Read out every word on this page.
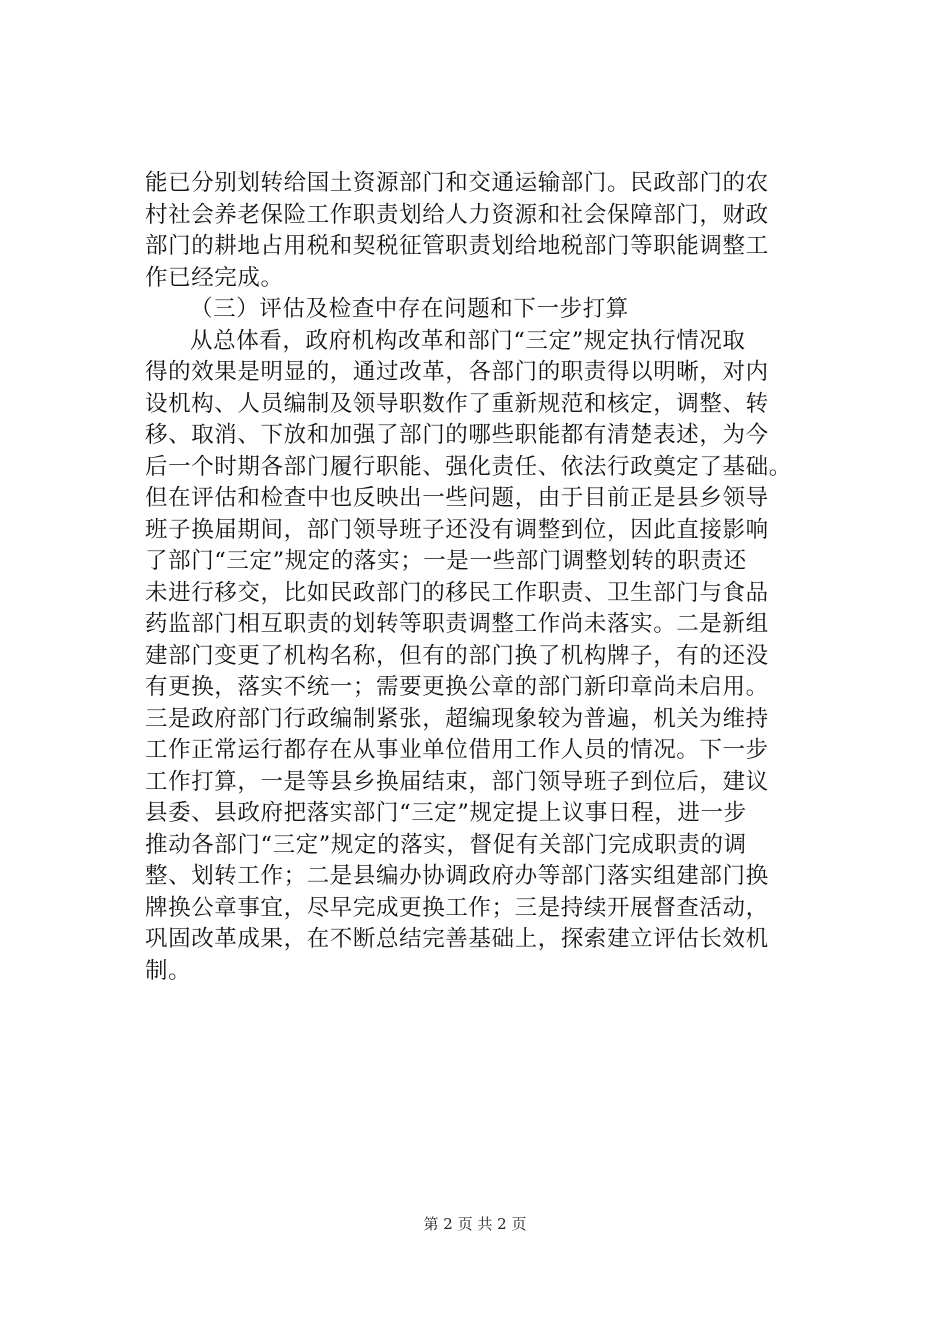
能已分别划转给国土资源部门和交通运输部门。民政部门的农
村社会养老保险工作职责划给人力资源和社会保障部门，财政
部门的耕地占用税和契税征管职责划给地税部门等职能调整工
作已经完成。
（三）评估及检查中存在问题和下一步打算
从总体看，政府机构改革和部门“三定”规定执行情况取
得的效果是明显的，通过改革，各部门的职责得以明晰，对内
设机构、人员编制及领导职数作了重新规范和核定，调整、转
移、取消、下放和加强了部门的哪些职能都有清楚表述，为今
后一个时期各部门履行职能、强化责任、依法行政奠定了基础。
但在评估和检查中也反映出一些问题，由于目前正是县乡领导
班子换届期间，部门领导班子还没有调整到位，因此直接影响
了部门“三定”规定的落实；一是一些部门调整划转的职责还
未进行移交，比如民政部门的移民工作职责、卫生部门与食品
药监部门相互职责的划转等职责调整工作尚未落实。二是新组
建部门变更了机构名称，但有的部门换了机构牌子，有的还没
有更换，落实不统一；需要更换公章的部门新印章尚未启用。
三是政府部门行政编制紧张，超编现象较为普遍，机关为维持
工作正常运行都存在从事业单位借用工作人员的情况。下一步
工作打算，一是等县乡换届结束，部门领导班子到位后，建议
县委、县政府把落实部门“三定”规定提上议事日程，进一步
推动各部门“三定”规定的落实，督促有关部门完成职责的调
整、划转工作；二是县编办协调政府办等部门落实组建部门换
牌换公章事宜，尽早完成更换工作；三是持续开展督查活动，
巩固改革成果，在不断总结完善基础上，探索建立评估长效机
制。
第 2 页 共 2 页
